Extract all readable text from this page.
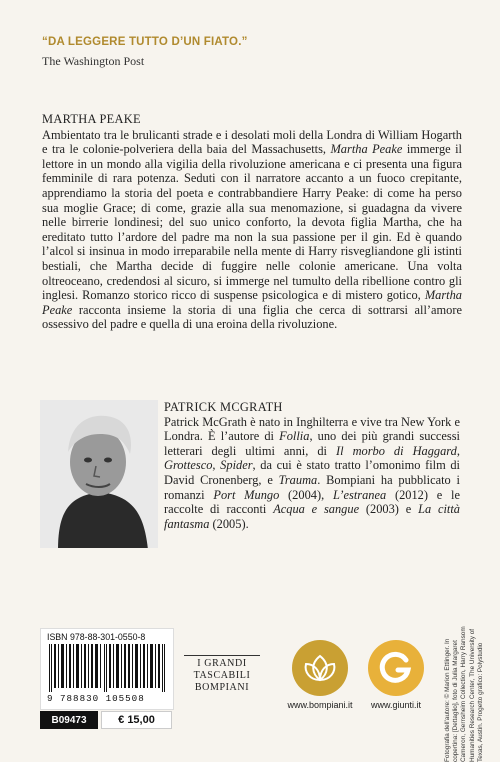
“DA LEGGERE TUTTO D’UN FIATO.”
The Washington Post
MARTHA PEAKE

Ambientato tra le brulicanti strade e i desolati moli della Londra di William Hogarth e tra le colonie-polveriera della baia del Massachusetts, Martha Peake immerge il lettore in un mondo alla vigilia della rivoluzione americana e ci presenta una figura femminile di rara potenza. Seduti con il narratore accanto a un fuoco crepitante, apprendiamo la storia del poeta e contrabbandiere Harry Peake: di come ha perso sua moglie Grace; di come, grazie alla sua menomazione, si guadagna da vivere nelle birrerie londinesi; del suo unico conforto, la devota figlia Martha, che ha ereditato tutto l’ardore del padre ma non la sua passione per il gin. Ed è quando l’alcol si insinua in modo irreparabile nella mente di Harry risvegliandone gli istinti bestiali, che Martha decide di fuggire nelle colonie americane. Una volta oltreoceano, credendosi al sicuro, si immerge nel tumulto della ribellione contro gli inglesi. Romanzo storico ricco di suspense psicologica e di mistero gotico, Martha Peake racconta insieme la storia di una figlia che cerca di sottrarsi all’amore ossessivo del padre e quella di una eroina della rivoluzione.

PATRICK MCGRATH

Patrick McGrath è nato in Inghilterra e vive tra New York e Londra. È l’autore di Follia, uno dei più grandi successi letterari degli ultimi anni, di Il morbo di Haggard, Grottesco, Spider, da cui è stato tratto l’omonimo film di David Cronenberg, e Trauma. Bompiani ha pubblicato i romanzi Port Mungo (2004), L’estranea (2012) e le raccolte di racconti Acqua e sangue (2003) e La città fantasma (2005).

ISBN 978-88-301-0550-8
9 788830 105508
B09473	€ 15,00
I GRANDI
TASCABILI
BOMPIANI
www.bompiani.it	www.giunti.it	Fotografia dell’autore: © Marion Ettlinger. In copertina: [Dettaglio], foto di Julia Margaret Cameron, Gernsheim Collection, Harry Ransom Humanities Research Center, The University of Texas, Austin. Progetto grafico: Polystudio
